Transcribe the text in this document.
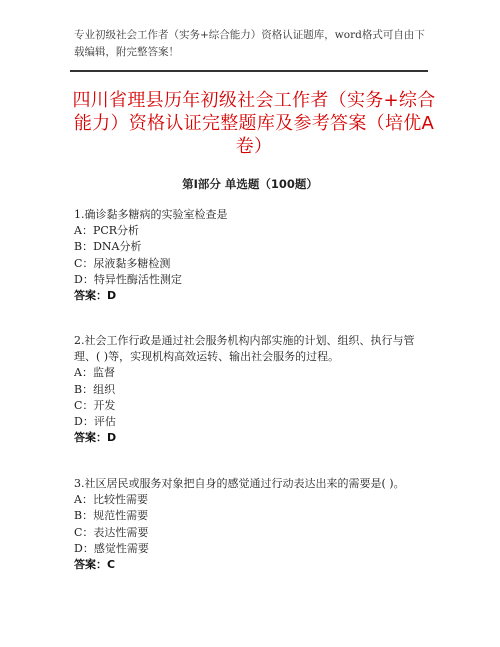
专业初级社会工作者（实务+综合能力）资格认证题库，word格式可自由下载编辑，附完整答案！
四川省理县历年初级社会工作者（实务+综合能力）资格认证完整题库及参考答案（培优A卷）
第I部分 单选题（100题）
1.确诊黏多糖病的实验室检查是
A：PCR分析
B：DNA分析
C：尿液黏多糖检测
D：特异性酶活性测定
答案：D
2.社会工作行政是通过社会服务机构内部实施的计划、组织、执行与管理、( )等，实现机构高效运转、输出社会服务的过程。
A：监督
B：组织
C：开发
D：评估
答案：D
3.社区居民或服务对象把自身的感觉通过行动表达出来的需要是( )。
A：比较性需要
B：规范性需要
C：表达性需要
D：感觉性需要
答案：C
